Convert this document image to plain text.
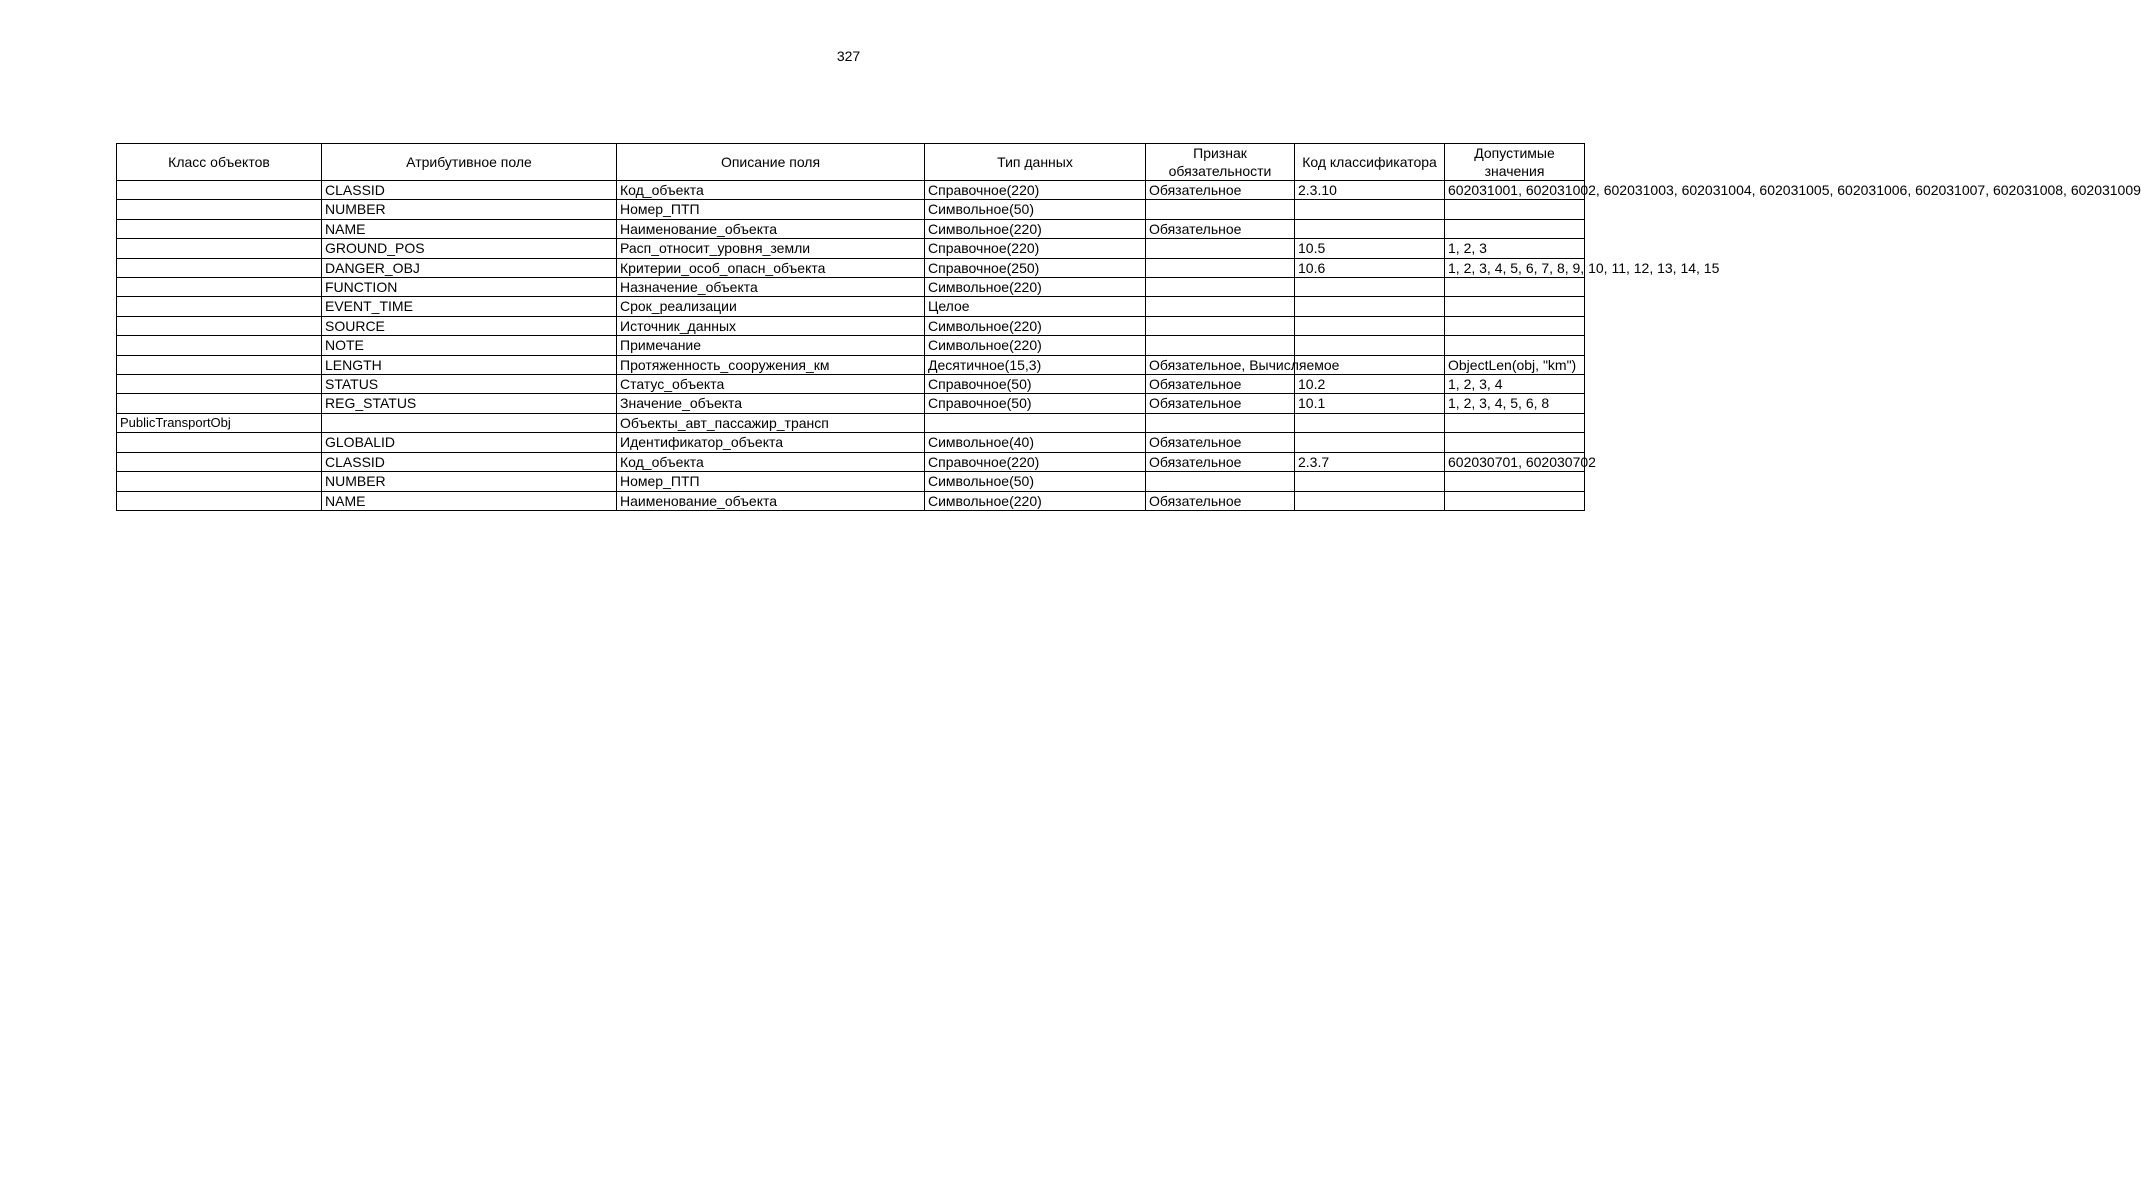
327
Класс объектов	Атрибутивное поле	Описание поля	Тип данных	Признак обязательности	Код классификатора	Допустимые значения
	CLASSID	Код_объекта	Справочное(220)	Обязательное	2.3.10	602031001, 602031002, 602031003, 602031004, 602031005, 602031006, 602031007, 602031008, 602031009
	NUMBER	Номер_ПТП	Символьное(50)			
	NAME	Наименование_объекта	Символьное(220)	Обязательное		
	GROUND_POS	Расп_относит_уровня_земли	Справочное(220)		10.5	1, 2, 3
	DANGER_OBJ	Критерии_особ_опасн_объекта	Справочное(250)		10.6	1, 2, 3, 4, 5, 6, 7, 8, 9, 10, 11, 12, 13, 14, 15
	FUNCTION	Назначение_объекта	Символьное(220)			
	EVENT_TIME	Срок_реализации	Целое			
	SOURCE	Источник_данных	Символьное(220)			
	NOTE	Примечание	Символьное(220)			
	LENGTH	Протяженность_сооружения_км	Десятичное(15,3)	Обязательное, Вычисляемое		ObjectLen(obj, "km")
	STATUS	Статус_объекта	Справочное(50)	Обязательное	10.2	1, 2, 3, 4
	REG_STATUS	Значение_объекта	Справочное(50)	Обязательное	10.1	1, 2, 3, 4, 5, 6, 8
PublicTransportObj		Объекты_авт_пассажир_трансп				
	GLOBALID	Идентификатор_объекта	Символьное(40)	Обязательное		
	CLASSID	Код_объекта	Справочное(220)	Обязательное	2.3.7	602030701, 602030702
	NUMBER	Номер_ПТП	Символьное(50)			
	NAME	Наименование_объекта	Символьное(220)	Обязательное		
